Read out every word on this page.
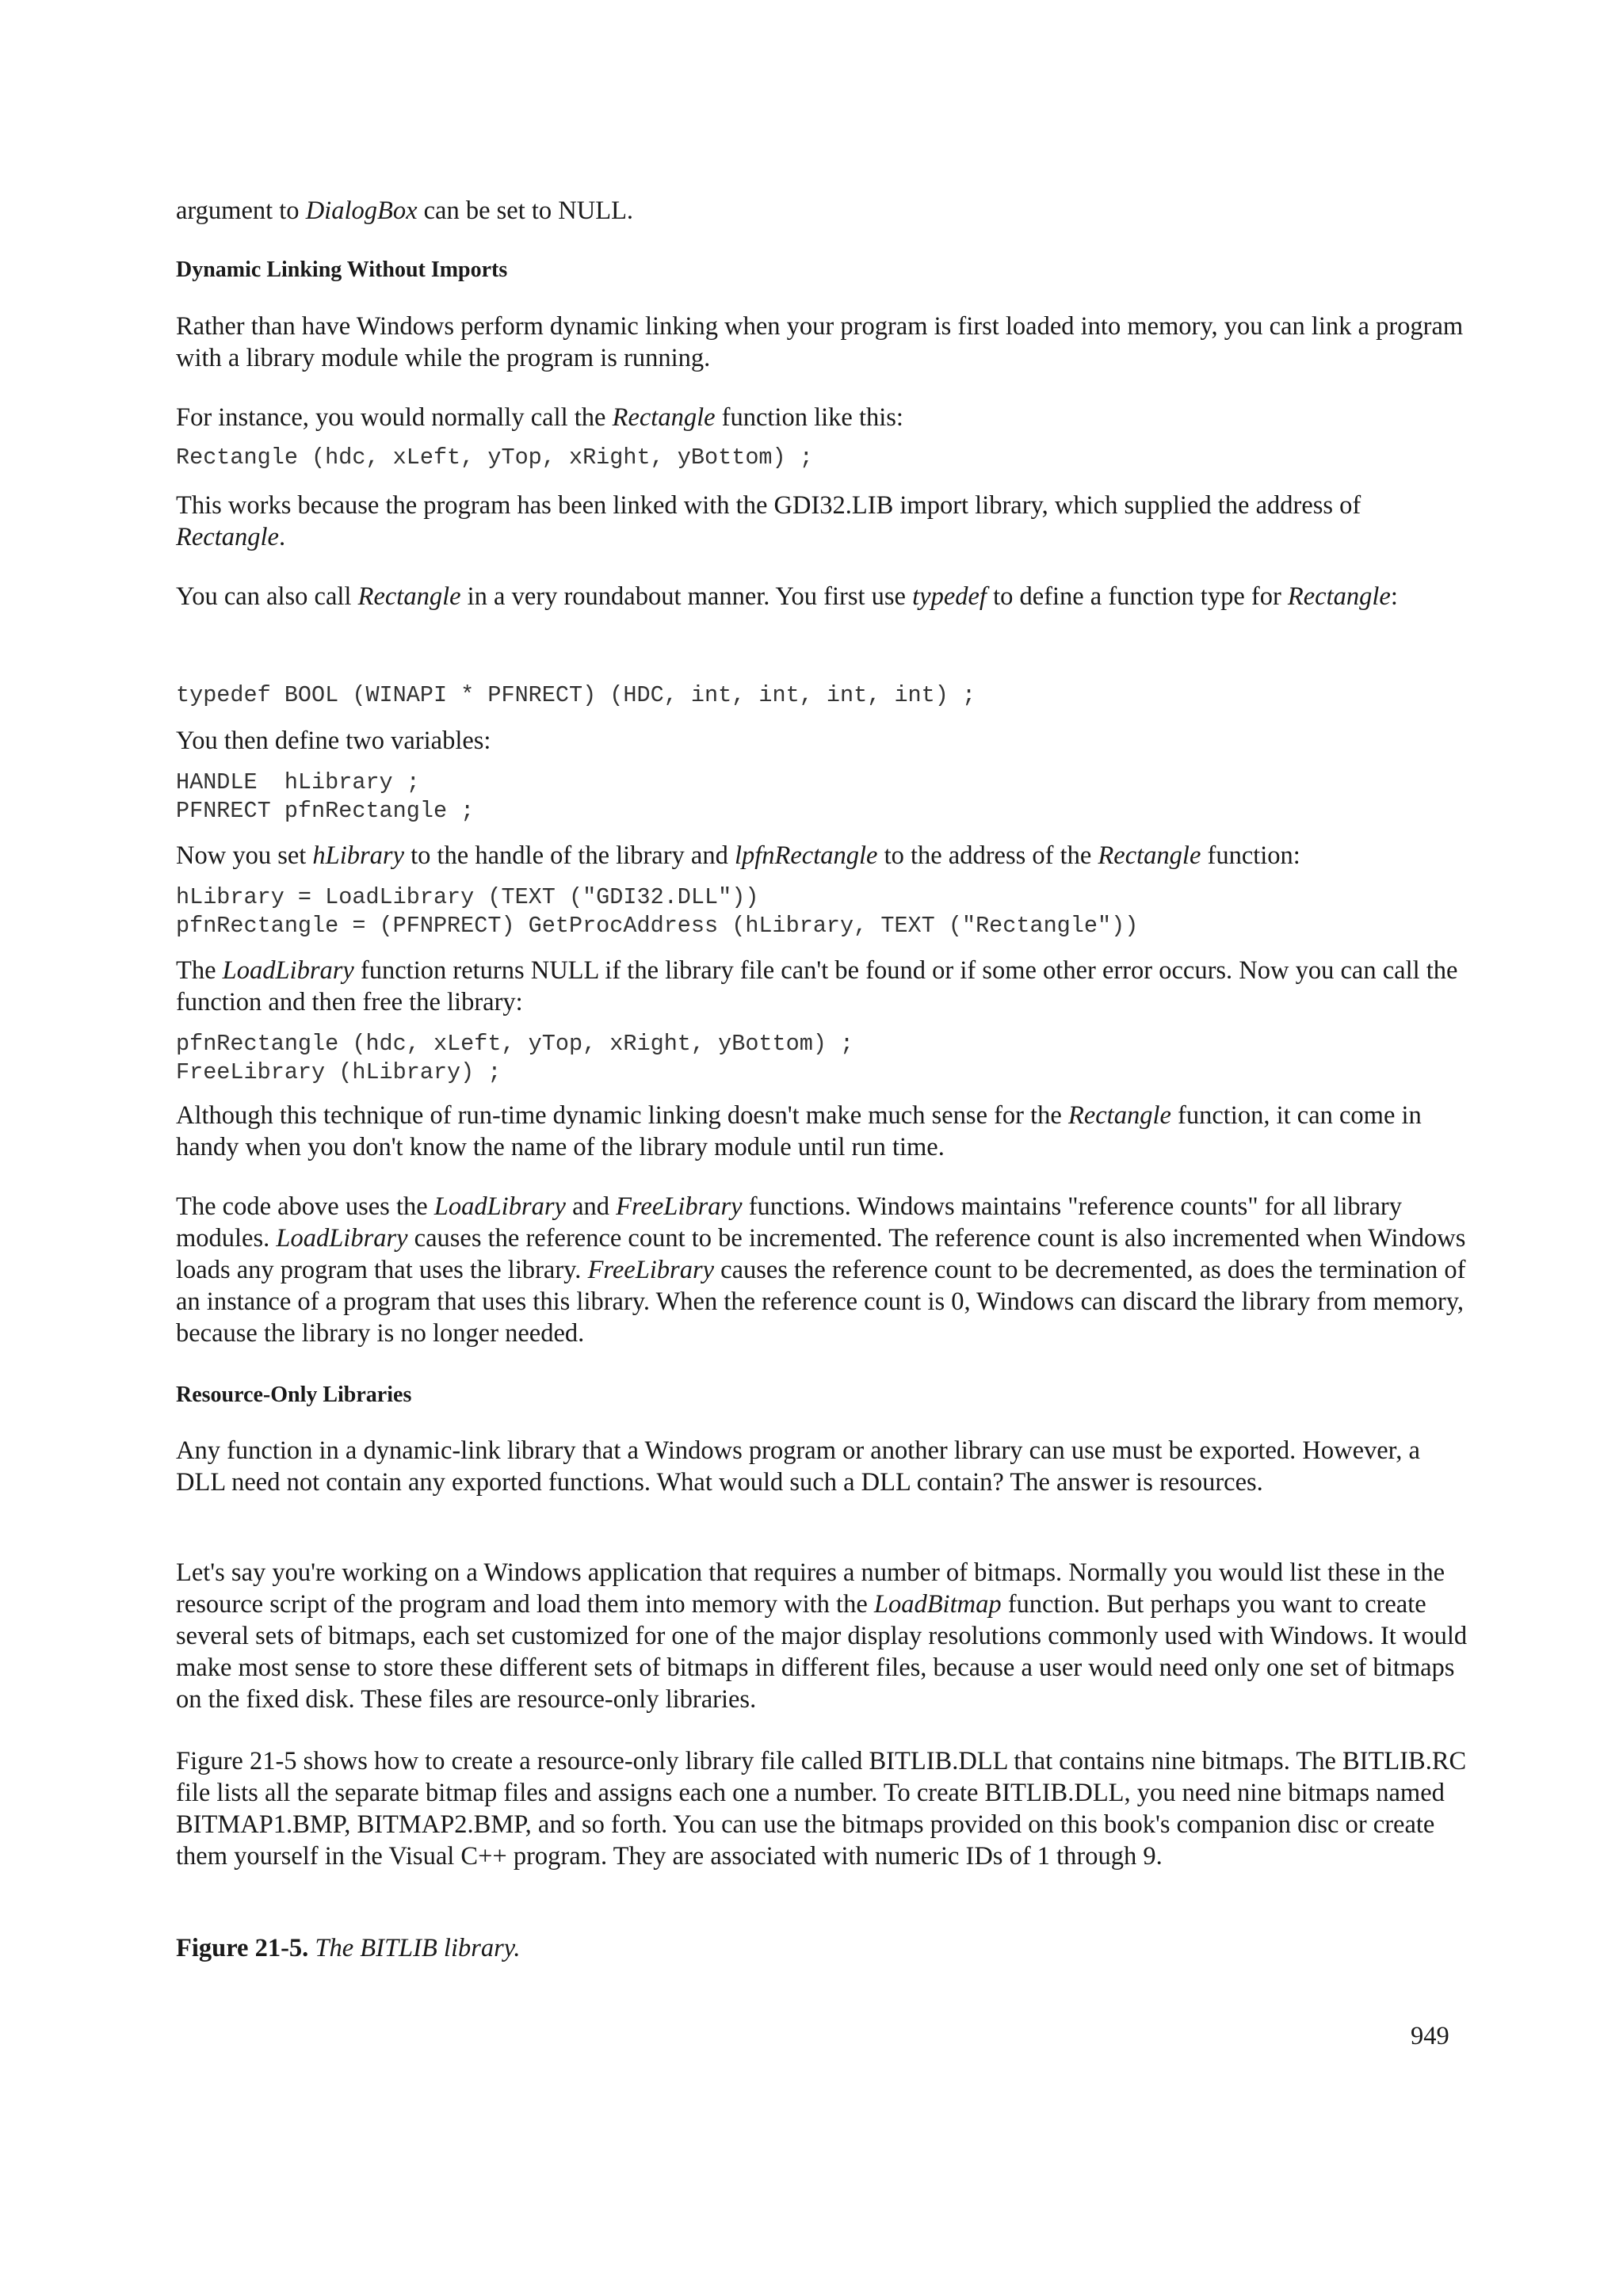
argument to DialogBox can be set to NULL.

Dynamic Linking Without Imports

Rather than have Windows perform dynamic linking when your program is first loaded into memory, you can link a program with a library module while the program is running.

For instance, you would normally call the Rectangle function like this:

Rectangle (hdc, xLeft, yTop, xRight, yBottom) ;

This works because the program has been linked with the GDI32.LIB import library, which supplied the address of Rectangle.

You can also call Rectangle in a very roundabout manner. You first use typedef to define a function type for Rectangle:

typedef BOOL (WINAPI * PFNRECT) (HDC, int, int, int, int) ;

You then define two variables:

HANDLE  hLibrary ;
PFNRECT pfnRectangle ;

Now you set hLibrary to the handle of the library and lpfnRectangle to the address of the Rectangle function:

hLibrary = LoadLibrary (TEXT ("GDI32.DLL"))
pfnRectangle = (PFNPRECT) GetProcAddress (hLibrary, TEXT ("Rectangle"))

The LoadLibrary function returns NULL if the library file can't be found or if some other error occurs. Now you can call the function and then free the library:

pfnRectangle (hdc, xLeft, yTop, xRight, yBottom) ;
FreeLibrary (hLibrary) ;

Although this technique of run-time dynamic linking doesn't make much sense for the Rectangle function, it can come in handy when you don't know the name of the library module until run time.

The code above uses the LoadLibrary and FreeLibrary functions. Windows maintains "reference counts" for all library modules. LoadLibrary causes the reference count to be incremented. The reference count is also incremented when Windows loads any program that uses the library. FreeLibrary causes the reference count to be decremented, as does the termination of an instance of a program that uses this library. When the reference count is 0, Windows can discard the library from memory, because the library is no longer needed.

Resource-Only Libraries

Any function in a dynamic-link library that a Windows program or another library can use must be exported. However, a DLL need not contain any exported functions. What would such a DLL contain? The answer is resources.

Let's say you're working on a Windows application that requires a number of bitmaps. Normally you would list these in the resource script of the program and load them into memory with the LoadBitmap function. But perhaps you want to create several sets of bitmaps, each set customized for one of the major display resolutions commonly used with Windows. It would make most sense to store these different sets of bitmaps in different files, because a user would need only one set of bitmaps on the fixed disk. These files are resource-only libraries.

Figure 21-5 shows how to create a resource-only library file called BITLIB.DLL that contains nine bitmaps. The BITLIB.RC file lists all the separate bitmap files and assigns each one a number. To create BITLIB.DLL, you need nine bitmaps named BITMAP1.BMP, BITMAP2.BMP, and so forth. You can use the bitmaps provided on this book's companion disc or create them yourself in the Visual C++ program. They are associated with numeric IDs of 1 through 9.

Figure 21-5. The BITLIB library.

949
